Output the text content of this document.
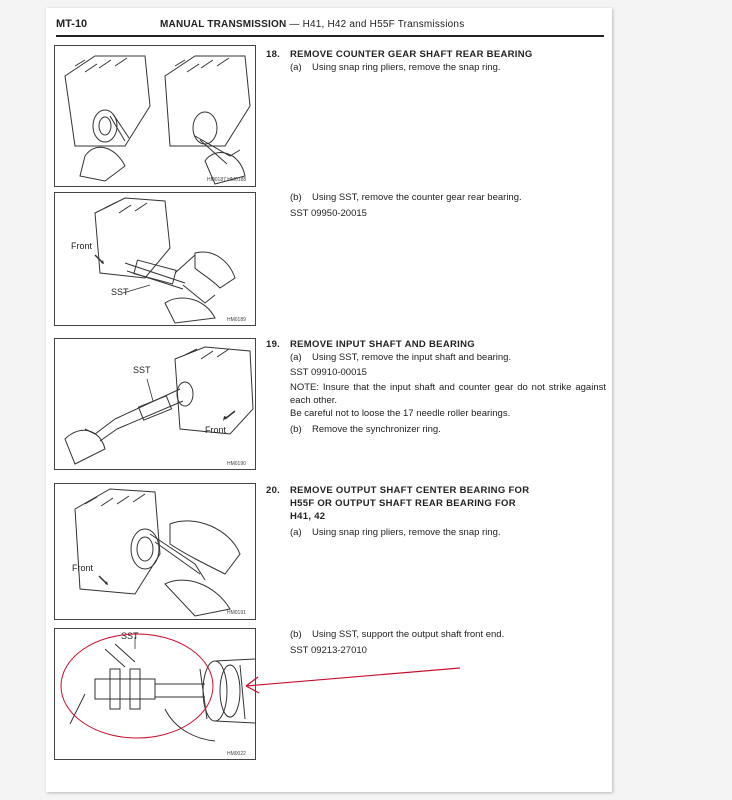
MT-10	MANUAL TRANSMISSION — H41, H42 and H55F Transmissions
HM0187 HM0188
Front
SST
HM0189
SST
Front
HM0190
Front
HM0191
SST
HM0022
18. REMOVE COUNTER GEAR SHAFT REAR BEARING
(a) Using snap ring pliers, remove the snap ring.
(b) Using SST, remove the counter gear rear bearing.
SST 09950-20015
19. REMOVE INPUT SHAFT AND BEARING
(a) Using SST, remove the input shaft and bearing.
SST 09910-00015
NOTE: Insure that the input shaft and counter gear do not strike against each other.
Be careful not to loose the 17 needle roller bearings.
(b) Remove the synchronizer ring.
20. REMOVE OUTPUT SHAFT CENTER BEARING FOR
H55F OR OUTPUT SHAFT REAR BEARING FOR
H41, 42
(a) Using snap ring pliers, remove the snap ring.
(b) Using SST, support the output shaft front end.
SST 09213-27010
